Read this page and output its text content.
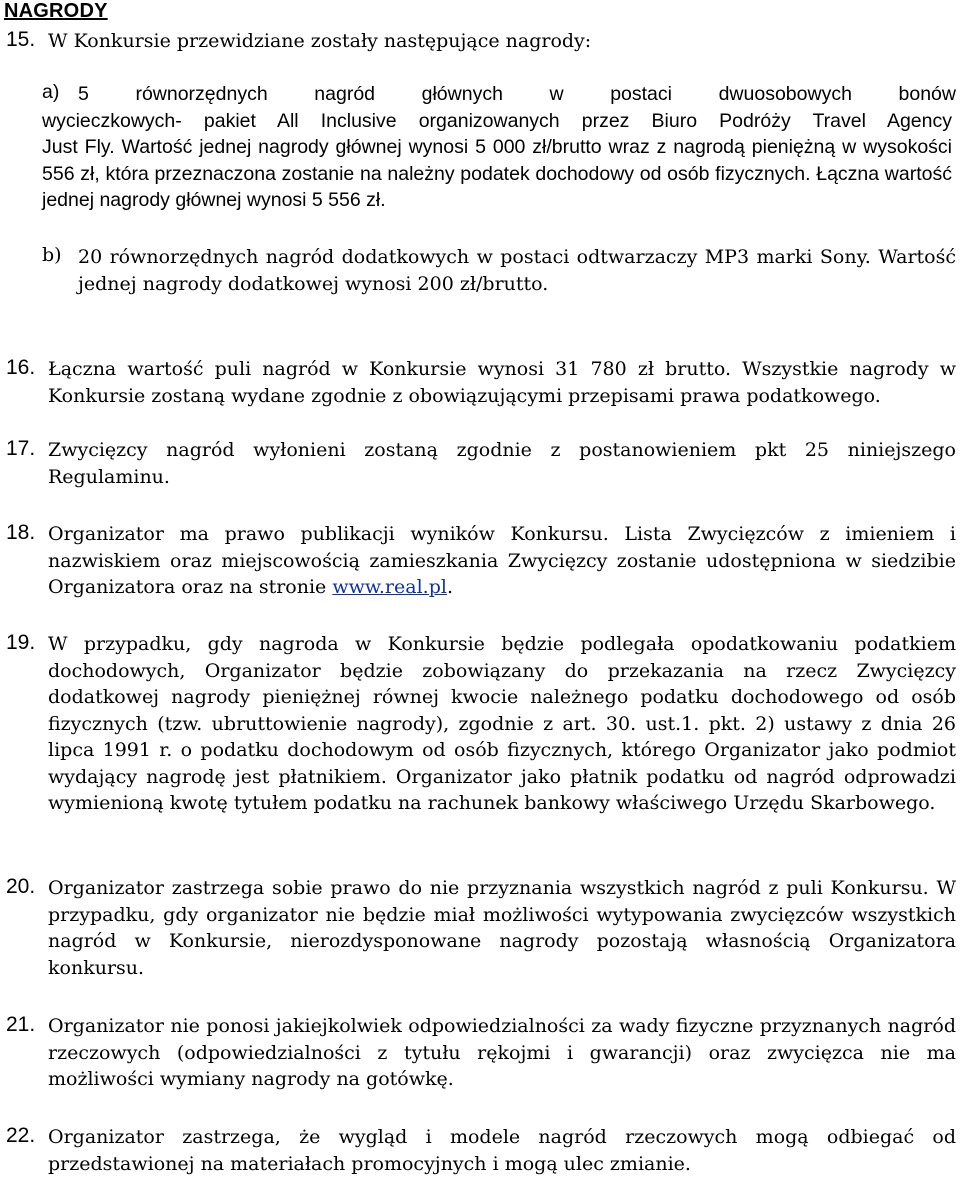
NAGRODY
15. W Konkursie przewidziane zostały następujące nagrody:
a) 5 równorzędnych nagród głównych w postaci dwuosobowych bonów
wycieczkowych- pakiet All Inclusive organizowanych przez Biuro Podróży Travel Agency
Just Fly. Wartość jednej nagrody głównej wynosi 5 000 zł/brutto wraz z nagrodą pieniężną w wysokości 556 zł, która przeznaczona zostanie na należny podatek dochodowy od osób fizycznych. Łączna wartość jednej nagrody głównej wynosi 5 556 zł.
b) 20 równorzędnych nagród dodatkowych w postaci odtwarzaczy MP3 marki Sony. Wartość jednej nagrody dodatkowej wynosi 200 zł/brutto.
16. Łączna wartość puli nagród w Konkursie wynosi 31 780 zł brutto. Wszystkie nagrody w Konkursie zostaną wydane zgodnie z obowiązującymi przepisami prawa podatkowego.
17. Zwycięzcy nagród wyłonieni zostaną zgodnie z postanowieniem pkt 25 niniejszego Regulaminu.
18. Organizator ma prawo publikacji wyników Konkursu. Lista Zwycięzców z imieniem i nazwiskiem oraz miejscowością zamieszkania Zwycięzcy zostanie udostępniona w siedzibie Organizatora oraz na stronie www.real.pl.
19. W przypadku, gdy nagroda w Konkursie będzie podlegała opodatkowaniu podatkiem dochodowych, Organizator będzie zobowiązany do przekazania na rzecz Zwycięzcy dodatkowej nagrody pieniężnej równej kwocie należnego podatku dochodowego od osób fizycznych (tzw. ubruttowienie nagrody), zgodnie z art. 30. ust.1. pkt. 2) ustawy z dnia 26 lipca 1991 r. o podatku dochodowym od osób fizycznych, którego Organizator jako podmiot wydający nagrodę jest płatnikiem. Organizator jako płatnik podatku od nagród odprowadzi wymienioną kwotę tytułem podatku na rachunek bankowy właściwego Urzędu Skarbowego.
20. Organizator zastrzega sobie prawo do nie przyznania wszystkich nagród z puli Konkursu. W przypadku, gdy organizator nie będzie miał możliwości wytypowania zwycięzców wszystkich nagród w Konkursie, nierozdysponowane nagrody pozostają własnością Organizatora konkursu.
21. Organizator nie ponosi jakiejkolwiek odpowiedzialności za wady fizyczne przyznanych nagród rzeczowych (odpowiedzialności z tytułu rękojmi i gwarancji) oraz zwycięzca nie ma możliwości wymiany nagrody na gotówkę.
22. Organizator zastrzega, że wygląd i modele nagród rzeczowych mogą odbiegać od przedstawionej na materiałach promocyjnych i mogą ulec zmianie.
